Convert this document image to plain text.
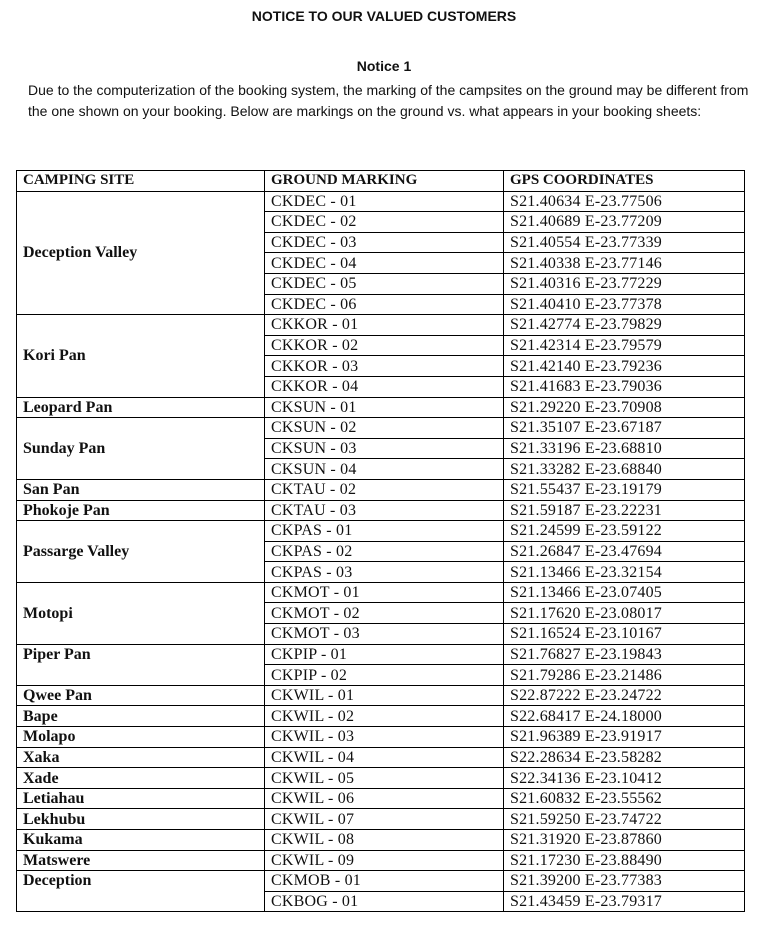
NOTICE TO OUR VALUED CUSTOMERS
Notice 1
Due to the computerization of the booking system, the marking of the campsites on the ground may be different from the one shown on your booking. Below are markings on the ground vs. what appears in your booking sheets:
CAMPING SITE	GROUND MARKING	GPS COORDINATES
Deception Valley	CKDEC - 01	S21.40634 E-23.77506
	CKDEC - 02	S21.40689 E-23.77209
	CKDEC - 03	S21.40554 E-23.77339
	CKDEC - 04	S21.40338 E-23.77146
	CKDEC - 05	S21.40316 E-23.77229
	CKDEC - 06	S21.40410 E-23.77378
Kori Pan	CKKOR - 01	S21.42774 E-23.79829
	CKKOR - 02	S21.42314 E-23.79579
	CKKOR - 03	S21.42140 E-23.79236
	CKKOR - 04	S21.41683 E-23.79036
Leopard Pan	CKSUN - 01	S21.29220 E-23.70908
Sunday Pan	CKSUN - 02	S21.35107 E-23.67187
	CKSUN - 03	S21.33196 E-23.68810
	CKSUN - 04	S21.33282 E-23.68840
San Pan	CKTAU - 02	S21.55437 E-23.19179
Phokoje Pan	CKTAU - 03	S21.59187 E-23.22231
Passarge Valley	CKPAS - 01	S21.24599 E-23.59122
	CKPAS - 02	S21.26847 E-23.47694
	CKPAS - 03	S21.13466 E-23.32154
Motopi	CKMOT - 01	S21.13466 E-23.07405
	CKMOT - 02	S21.17620 E-23.08017
	CKMOT - 03	S21.16524 E-23.10167
Piper Pan	CKPIP - 01	S21.76827 E-23.19843
	CKPIP - 02	S21.79286 E-23.21486
Qwee Pan	CKWIL - 01	S22.87222 E-23.24722
Bape	CKWIL - 02	S22.68417 E-24.18000
Molapo	CKWIL - 03	S21.96389 E-23.91917
Xaka	CKWIL - 04	S22.28634 E-23.58282
Xade	CKWIL - 05	S22.34136 E-23.10412
Letiahau	CKWIL - 06	S21.60832 E-23.55562
Lekhubu	CKWIL - 07	S21.59250 E-23.74722
Kukama	CKWIL - 08	S21.31920 E-23.87860
Matswere	CKWIL - 09	S21.17230 E-23.88490
Deception	CKMOB - 01	S21.39200 E-23.77383
	CKBOG - 01	S21.43459 E-23.79317
